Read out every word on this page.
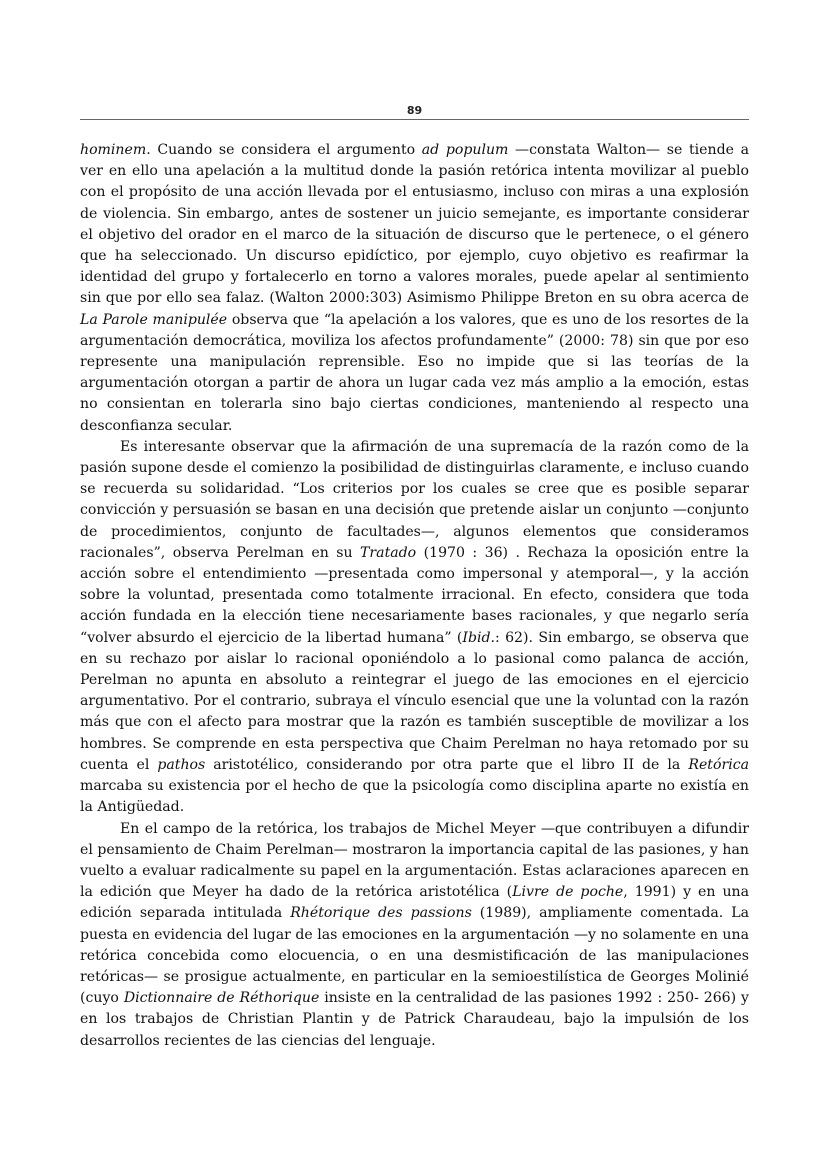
89

hominem. Cuando se considera el argumento ad populum —constata Walton— se tiende a ver en ello una apelación a la multitud donde la pasión retórica intenta movilizar al pueblo con el propósito de una acción llevada por el entusiasmo, incluso con miras a una explosión de violencia. Sin embargo, antes de sostener un juicio semejante, es importante considerar el objetivo del orador en el marco de la situación de discurso que le pertenece, o el género que ha seleccionado. Un discurso epidíctico, por ejemplo, cuyo objetivo es reafirmar la identidad del grupo y fortalecerlo en torno a valores morales, puede apelar al sentimiento sin que por ello sea falaz. (Walton 2000:303) Asimismo Philippe Breton en su obra acerca de La Parole manipulée observa que “la apelación a los valores, que es uno de los resortes de la argumentación democrática, moviliza los afectos profundamente” (2000: 78) sin que por eso represente una manipulación reprensible. Eso no impide que si las teorías de la argumentación otorgan a partir de ahora un lugar cada vez más amplio a la emoción, estas no consientan en tolerarla sino bajo ciertas condiciones, manteniendo al respecto una desconfianza secular.

Es interesante observar que la afirmación de una supremacía de la razón como de la pasión supone desde el comienzo la posibilidad de distinguirlas claramente, e incluso cuando se recuerda su solidaridad. “Los criterios por los cuales se cree que es posible separar convicción y persuasión se basan en una decisión que pretende aislar un conjunto —conjunto de procedimientos, conjunto de facultades—, algunos elementos que consideramos racionales”, observa Perelman en su Tratado (1970 : 36) . Rechaza la oposición entre la acción sobre el entendimiento —presentada como impersonal y atemporal—, y la acción sobre la voluntad, presentada como totalmente irracional. En efecto, considera que toda acción fundada en la elección tiene necesariamente bases racionales, y que negarlo sería “volver absurdo el ejercicio de la libertad humana” (Ibid.: 62). Sin embargo, se observa que en su rechazo por aislar lo racional oponiéndolo a lo pasional como palanca de acción, Perelman no apunta en absoluto a reintegrar el juego de las emociones en el ejercicio argumentativo. Por el contrario, subraya el vínculo esencial que une la voluntad con la razón más que con el afecto para mostrar que la razón es también susceptible de movilizar a los hombres. Se comprende en esta perspectiva que Chaim Perelman no haya retomado por su cuenta el pathos aristotélico, considerando por otra parte que el libro II de la Retórica marcaba su existencia por el hecho de que la psicología como disciplina aparte no existía en la Antigüedad.

En el campo de la retórica, los trabajos de Michel Meyer —que contribuyen a difundir el pensamiento de Chaim Perelman— mostraron la importancia capital de las pasiones, y han vuelto a evaluar radicalmente su papel en la argumentación. Estas aclaraciones aparecen en la edición que Meyer ha dado de la retórica aristotélica (Livre de poche, 1991) y en una edición separada intitulada Rhétorique des passions (1989), ampliamente comentada. La puesta en evidencia del lugar de las emociones en la argumentación —y no solamente en una retórica concebida como elocuencia, o en una desmistificación de las manipulaciones retóricas— se prosigue actualmente, en particular en la semioestilística de Georges Molinié (cuyo Dictionnaire de Réthorique insiste en la centralidad de las pasiones 1992 : 250- 266) y en los trabajos de Christian Plantin y de Patrick Charaudeau, bajo la impulsión de los desarrollos recientes de las ciencias del lenguaje.
